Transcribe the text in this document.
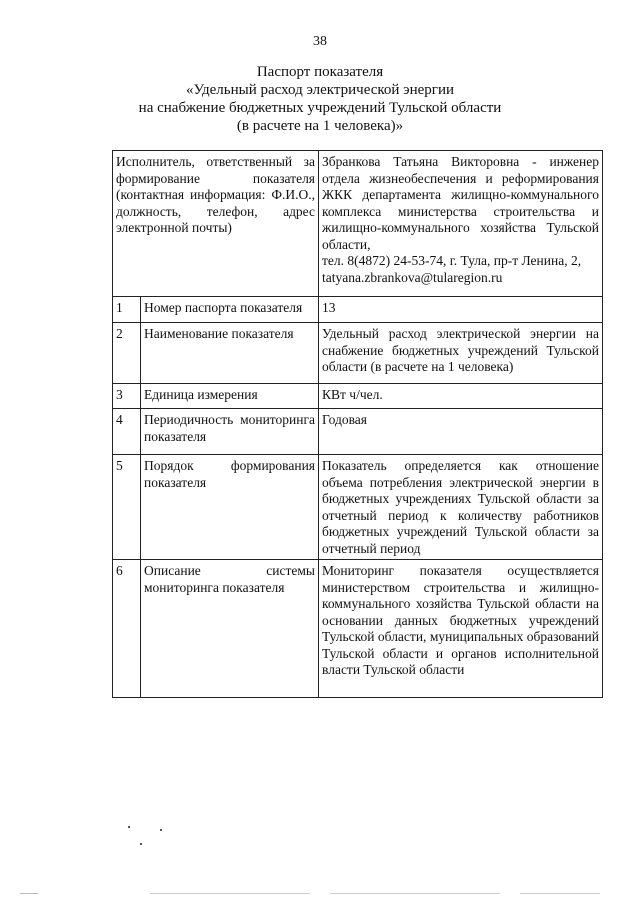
38
Паспорт показателя
«Удельный расход электрической энергии
на снабжение бюджетных учреждений Тульской области
(в расчете на 1 человека)»
Исполнитель, ответственный за формирование показателя (контактная информация: Ф.И.О., должность, телефон, адрес электронной почты)		Збранкова Татьяна Викторовна - инженер отдела жизнеобеспечения и реформирования ЖКК департамента жилищно-коммунального комплекса министерства строительства и жилищно-коммунального хозяйства Тульской области,
тел. 8(4872) 24-53-74, г. Тула, пр-т Ленина, 2,
tatyana.zbrankova@tularegion.ru
1	Номер паспорта показателя	13
2	Наименование показателя	Удельный расход электрической энергии на снабжение бюджетных учреждений Тульской области (в расчете на 1 человека)
3	Единица измерения	КВт ч/чел.
4	Периодичность мониторинга показателя	Годовая
5	Порядок формирования показателя	Показатель определяется как отношение объема потребления электрической энергии в бюджетных учреждениях Тульской области за отчетный период к количеству работников бюджетных учреждений Тульской области за отчетный период
6	Описание системы мониторинга показателя	Мониторинг показателя осуществляется министерством строительства и жилищно-коммунального хозяйства Тульской области на основании данных бюджетных учреждений Тульской области, муниципальных образований Тульской области и органов исполнительной власти Тульской области
